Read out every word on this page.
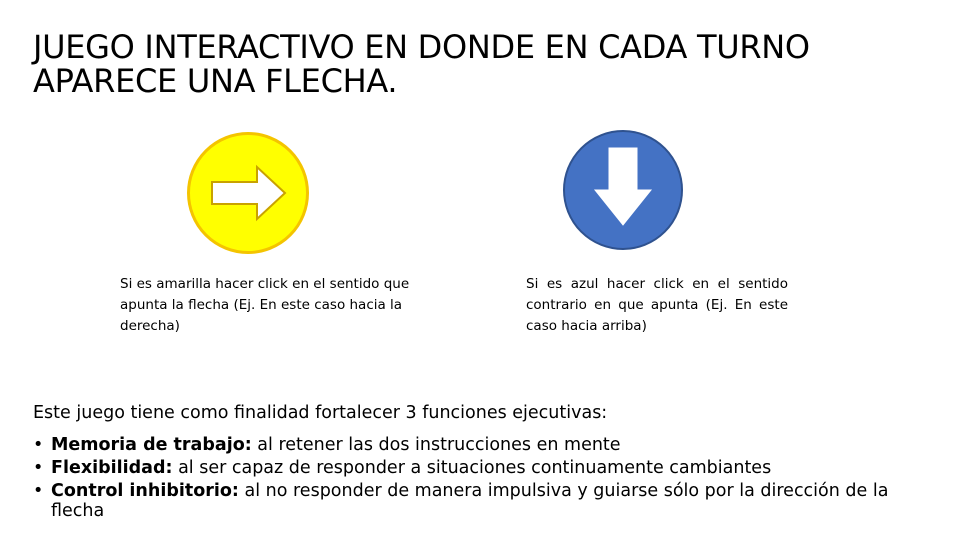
JUEGO INTERACTIVO EN DONDE EN CADA TURNO APARECE UNA FLECHA.

Si es amarilla hacer click en el sentido que apunta la flecha (Ej. En este caso hacia la derecha)

Si es azul hacer click en el sentido contrario en que apunta (Ej. En este caso hacia arriba)

Este juego tiene como finalidad fortalecer 3 funciones ejecutivas:

• Memoria de trabajo: al retener las dos instrucciones en mente
• Flexibilidad: al ser capaz de responder a situaciones continuamente cambiantes
• Control inhibitorio: al no responder de manera impulsiva y guiarse sólo por la dirección de la flecha
